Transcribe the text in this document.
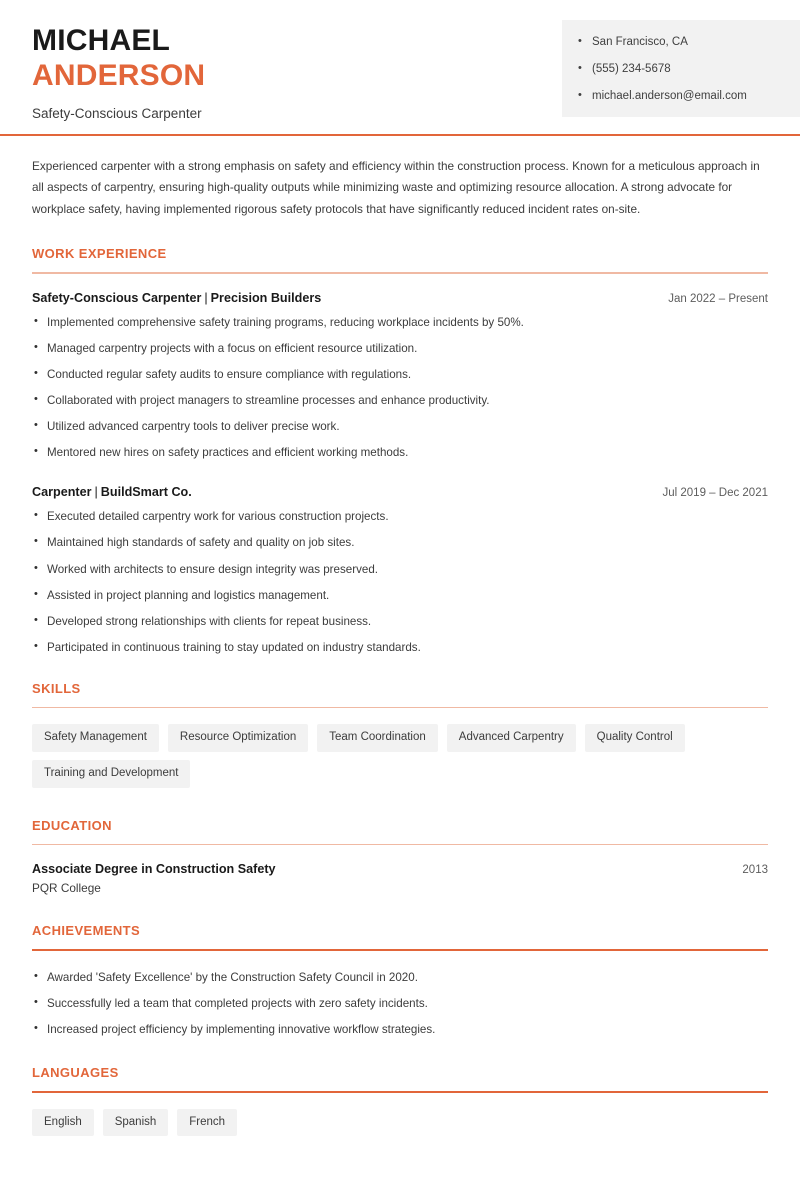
MICHAEL
ANDERSON
Safety-Conscious Carpenter
• San Francisco, CA
• (555) 234-5678
• michael.anderson@email.com

Experienced carpenter with a strong emphasis on safety and efficiency within the construction process. Known for a meticulous approach in all aspects of carpentry, ensuring high-quality outputs while minimizing waste and optimizing resource allocation. A strong advocate for workplace safety, having implemented rigorous safety protocols that have significantly reduced incident rates on-site.

WORK EXPERIENCE
Safety-Conscious Carpenter | Precision Builders	Jan 2022 – Present
• Implemented comprehensive safety training programs, reducing workplace incidents by 50%.
• Managed carpentry projects with a focus on efficient resource utilization.
• Conducted regular safety audits to ensure compliance with regulations.
• Collaborated with project managers to streamline processes and enhance productivity.
• Utilized advanced carpentry tools to deliver precise work.
• Mentored new hires on safety practices and efficient working methods.
Carpenter | BuildSmart Co.	Jul 2019 – Dec 2021
• Executed detailed carpentry work for various construction projects.
• Maintained high standards of safety and quality on job sites.
• Worked with architects to ensure design integrity was preserved.
• Assisted in project planning and logistics management.
• Developed strong relationships with clients for repeat business.
• Participated in continuous training to stay updated on industry standards.
SKILLS
Safety Management	Resource Optimization	Team Coordination	Advanced Carpentry	Quality Control
Training and Development
EDUCATION
Associate Degree in Construction Safety	2013
PQR College
ACHIEVEMENTS
• Awarded 'Safety Excellence' by the Construction Safety Council in 2020.
• Successfully led a team that completed projects with zero safety incidents.
• Increased project efficiency by implementing innovative workflow strategies.
LANGUAGES
English	Spanish	French
